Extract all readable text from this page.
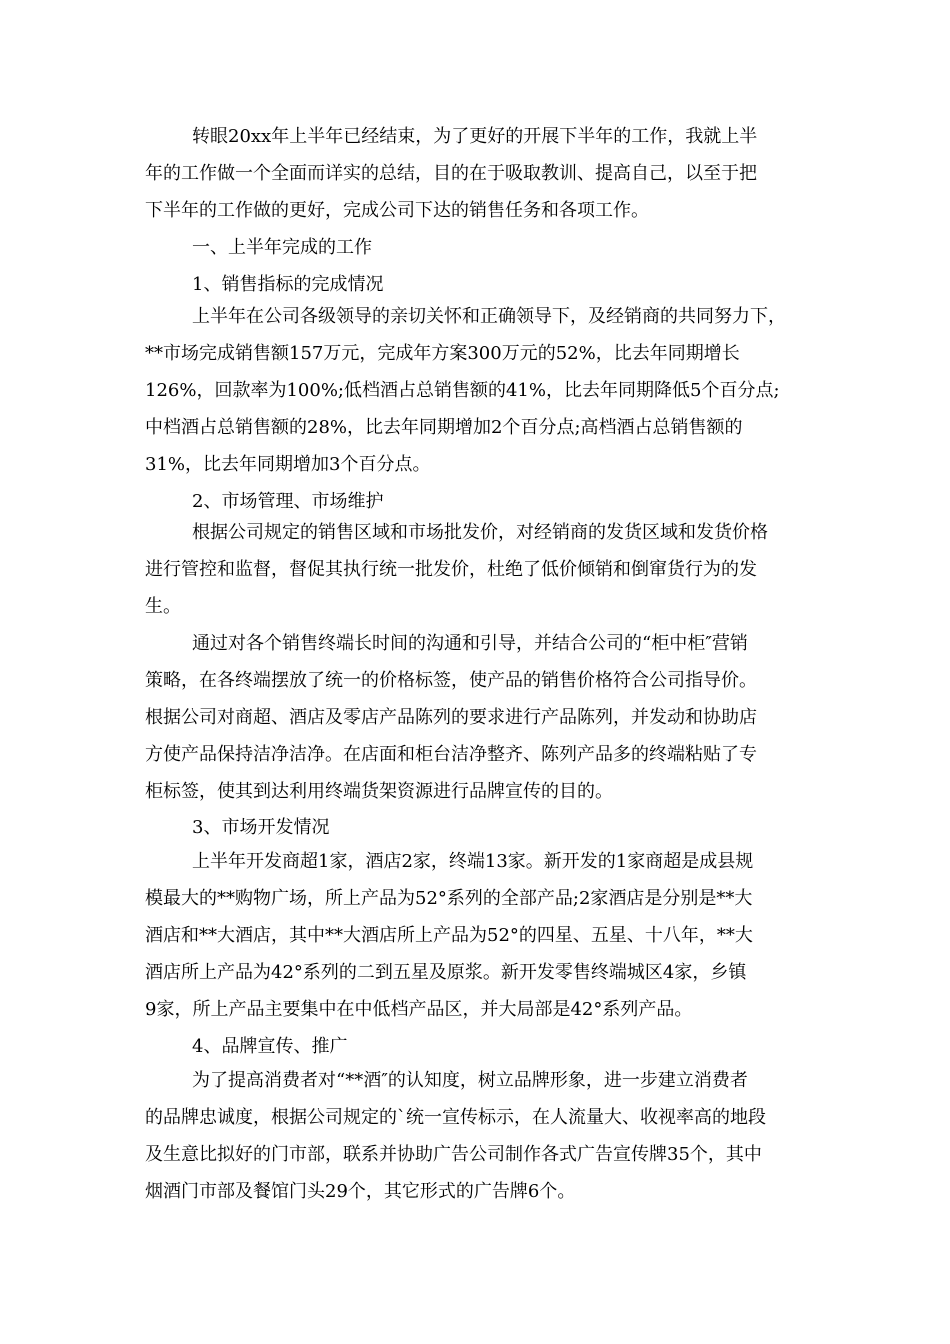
转眼20xx年上半年已经结束，为了更好的开展下半年的工作，我就上半

年的工作做一个全面而详实的总结，目的在于吸取教训、提高自己，以至于把

下半年的工作做的更好，完成公司下达的销售任务和各项工作。

一、上半年完成的工作

1、销售指标的完成情况

上半年在公司各级领导的亲切关怀和正确领导下，及经销商的共同努力下，

**市场完成销售额157万元，完成年方案300万元的52%，比去年同期增长

126%，回款率为100%;低档酒占总销售额的41%，比去年同期降低5个百分点;

中档酒占总销售额的28%，比去年同期增加2个百分点;高档酒占总销售额的

31%，比去年同期增加3个百分点。

2、市场管理、市场维护

根据公司规定的销售区域和市场批发价，对经销商的发货区域和发货价格

进行管控和监督，督促其执行统一批发价，杜绝了低价倾销和倒窜货行为的发

生。

通过对各个销售终端长时间的沟通和引导，并结合公司的“柜中柜″营销

策略，在各终端摆放了统一的价格标签，使产品的销售价格符合公司指导价。

根据公司对商超、酒店及零店产品陈列的要求进行产品陈列，并发动和协助店

方使产品保持洁净洁净。在店面和柜台洁净整齐、陈列产品多的终端粘贴了专

柜标签，使其到达利用终端货架资源进行品牌宣传的目的。

3、市场开发情况

上半年开发商超1家，酒店2家，终端13家。新开发的1家商超是成县规

模最大的**购物广场，所上产品为52°系列的全部产品;2家酒店是分别是**大

酒店和**大酒店，其中**大酒店所上产品为52°的四星、五星、十八年，**大

酒店所上产品为42°系列的二到五星及原浆。新开发零售终端城区4家，乡镇

9家，所上产品主要集中在中低档产品区，并大局部是42°系列产品。

4、品牌宣传、推广

为了提高消费者对“**酒″的认知度，树立品牌形象，进一步建立消费者

的品牌忠诚度，根据公司规定的`统一宣传标示，在人流量大、收视率高的地段

及生意比拟好的门市部，联系并协助广告公司制作各式广告宣传牌35个，其中

烟酒门市部及餐馆门头29个，其它形式的广告牌6个。
